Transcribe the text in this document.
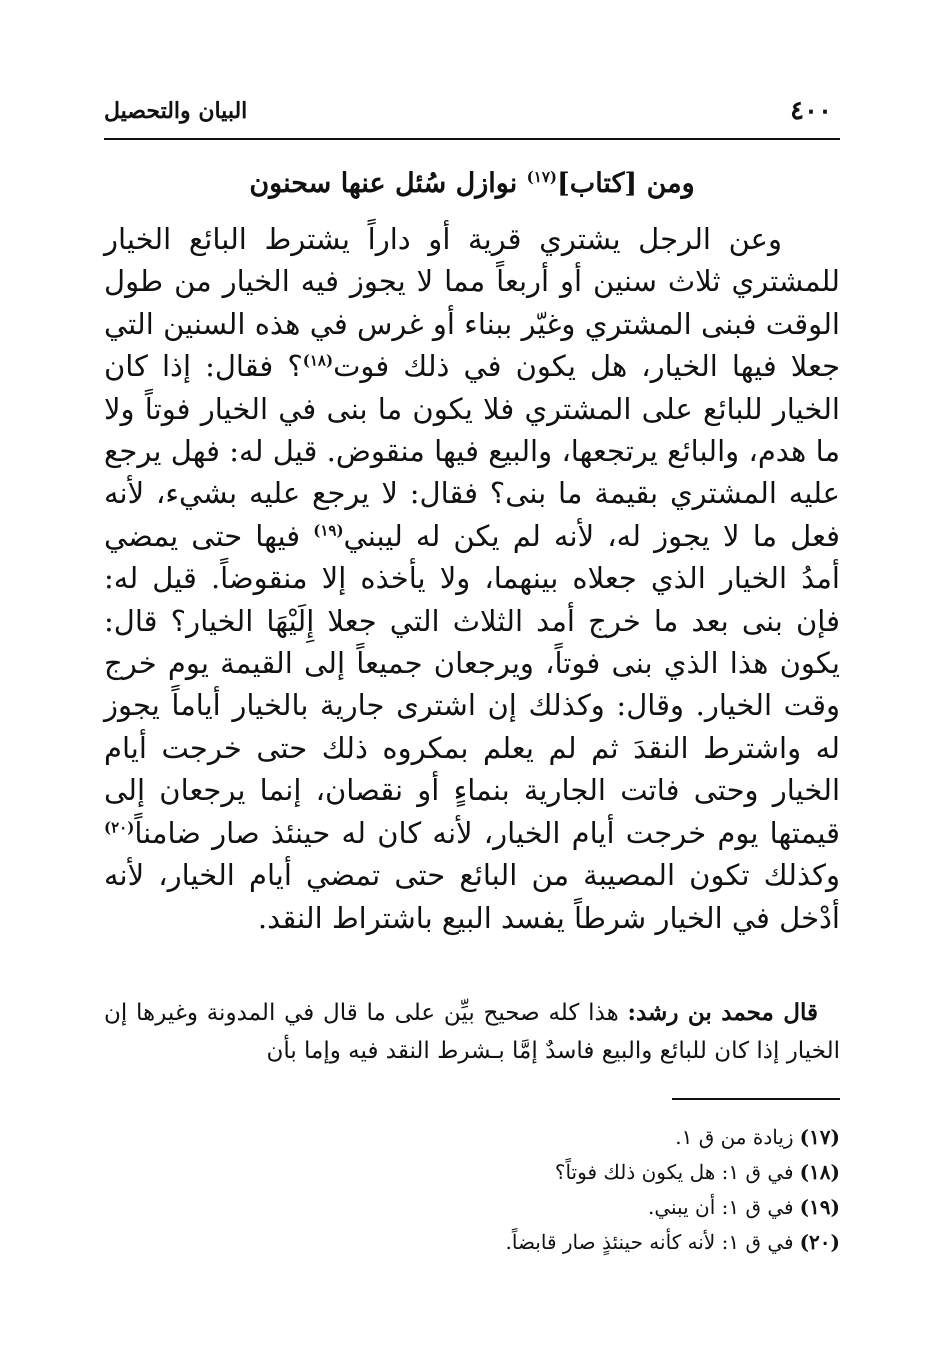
٤٠٠
البيان والتحصيل
ومن [كتاب]$^{(١٧)}$ نوازل سُئل عنها سحنون

وعن الرجل يشتري قرية أو داراً يشترط البائع الخيار للمشتري ثلاث سنين أو أربعاً مما لا يجوز فيه الخيار من طول الوقت فبنى المشتري وغيّر ببناء أو غرس في هذه السنين التي جعلا فيها الخيار، هل يكون في ذلك فوت$^{(١٨)}$؟ فقال: إذا كان الخيار للبائع على المشتري فلا يكون ما بنى في الخيار فوتاً ولا ما هدم، والبائع يرتجعها، والبيع فيها منقوض. قيل له: فهل يرجع عليه المشتري بقيمة ما بنى؟ فقال: لا يرجع عليه بشيء، لأنه فعل ما لا يجوز له، لأنه لم يكن له ليبني$^{(١٩)}$ فيها حتى يمضي أمدُ الخيار الذي جعلاه بينهما، ولا يأخذه إلا منقوضاً. قيل له: فإن بنى بعد ما خرج أمد الثلاث التي جعلا إِلَيْهَا الخيار؟ قال: يكون هذا الذي بنى فوتاً، ويرجعان جميعاً إلى القيمة يوم خرج وقت الخيار. وقال: وكذلك إن اشترى جارية بالخيار أياماً يجوز له واشترط النقدَ ثم لم يعلم بمكروه ذلك حتى خرجت أيام الخيار وحتى فاتت الجارية بنماءٍ أو نقصان، إنما يرجعان إلى قيمتها يوم خرجت أيام الخيار، لأنه كان له حينئذ صار ضامناً$^{(٢٠)}$ وكذلك تكون المصيبة من البائع حتى تمضي أيام الخيار، لأنه أدْخل في الخيار شرطاً يفسد البيع باشتراط النقد.

قال محمد بن رشد: هذا كله صحيح بيِّن على ما قال في المدونة وغيرها إن الخيار إذا كان للبائع والبيع فاسدٌ إمَّا بـشرط النقد فيه وإما بأن

(١٧)زيادة من ق ١.

(١٨)في ق ١: هل يكون ذلك فوتاً؟

(١٩)في ق ١: أن يبني.

(٢٠)في ق ١: لأنه كأنه حينئذٍ صار قابضاً.
